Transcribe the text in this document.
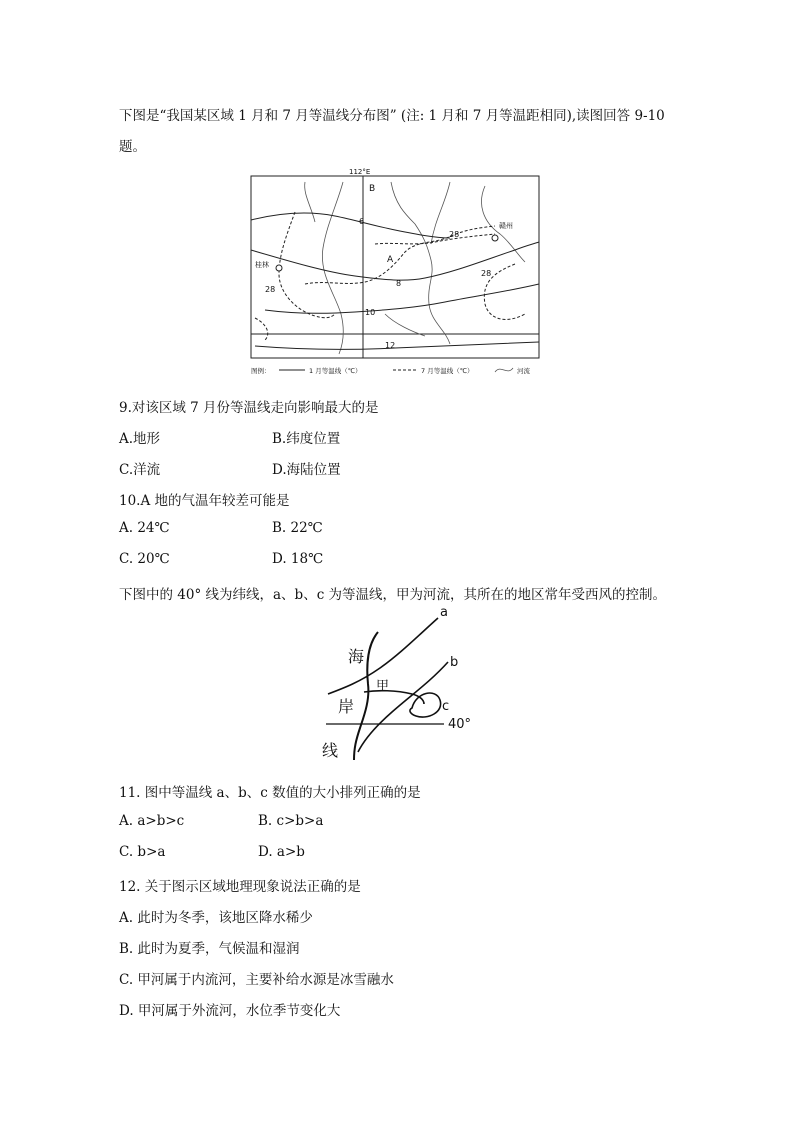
下图是“我国某区域 1 月和 7 月等温线分布图” (注: 1 月和 7 月等温距相同),读图回答 9-10
题。
112°E
B
6
A
8
10
12
28
28
28
桂林
赣州
图例：	1 月等温线（℃）	7 月等温线（℃）	河流
9.对该区域 7 月份等温线走向影响最大的是
A.地形	B.纬度位置
C.洋流	D.海陆位置
10.A 地的气温年较差可能是
A. 24℃	B. 22℃
C. 20℃	D. 18℃
下图中的 40° 线为纬线，a、b、c 为等温线，甲为河流，其所在的地区常年受西风的控制。
a
b
c
甲
40°
海
岸
线
11. 图中等温线 a、b、c 数值的大小排列正确的是
A. a>b>c	B. c>b>a
C. b>a	D. a>b
12. 关于图示区域地理现象说法正确的是
A. 此时为冬季，该地区降水稀少
B. 此时为夏季，气候温和湿润
C. 甲河属于内流河，主要补给水源是冰雪融水
D. 甲河属于外流河，水位季节变化大
